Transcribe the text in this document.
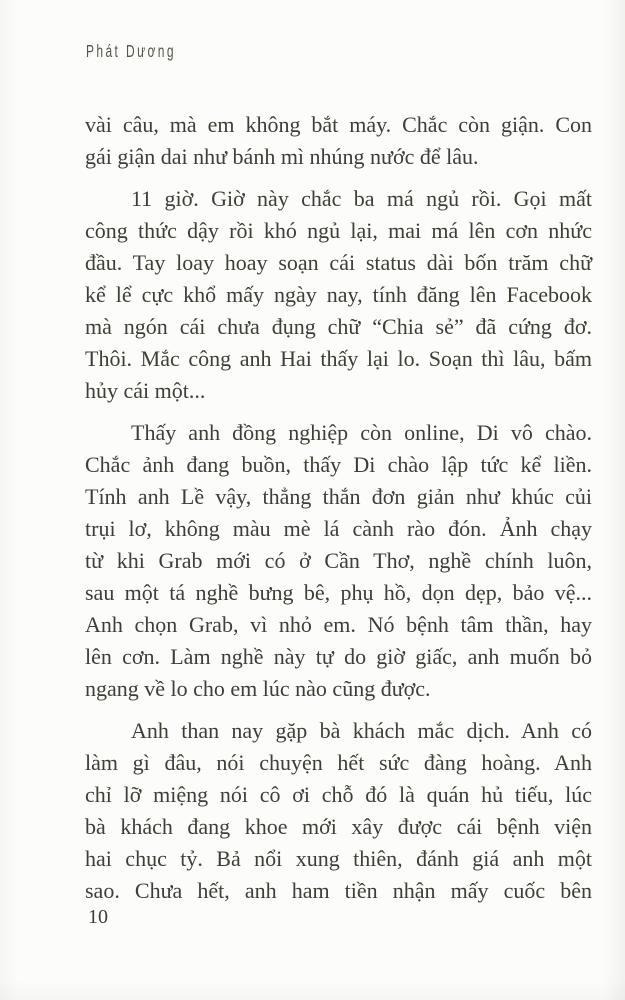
Phát Dương
vài câu, mà em không bắt máy. Chắc còn giận. Con
gái giận dai như bánh mì nhúng nước để lâu.
11 giờ. Giờ này chắc ba má ngủ rồi. Gọi mất
công thức dậy rồi khó ngủ lại, mai má lên cơn nhức
đầu. Tay loay hoay soạn cái status dài bốn trăm chữ
kể lể cực khổ mấy ngày nay, tính đăng lên Facebook
mà ngón cái chưa đụng chữ “Chia sẻ” đã cứng đơ.
Thôi. Mắc công anh Hai thấy lại lo. Soạn thì lâu, bấm
hủy cái một...
Thấy anh đồng nghiệp còn online, Di vô chào.
Chắc ảnh đang buồn, thấy Di chào lập tức kể liền.
Tính anh Lề vậy, thẳng thắn đơn giản như khúc củi
trụi lơ, không màu mè lá cành rào đón. Ảnh chạy
từ khi Grab mới có ở Cần Thơ, nghề chính luôn,
sau một tá nghề bưng bê, phụ hồ, dọn dẹp, bảo vệ...
Anh chọn Grab, vì nhỏ em. Nó bệnh tâm thần, hay
lên cơn. Làm nghề này tự do giờ giấc, anh muốn bỏ
ngang về lo cho em lúc nào cũng được.
Anh than nay gặp bà khách mắc dịch. Anh có
làm gì đâu, nói chuyện hết sức đàng hoàng. Anh
chỉ lỡ miệng nói cô ơi chỗ đó là quán hủ tiếu, lúc
bà khách đang khoe mới xây được cái bệnh viện
hai chục tỷ. Bả nổi xung thiên, đánh giá anh một
sao. Chưa hết, anh ham tiền nhận mấy cuốc bên
10
